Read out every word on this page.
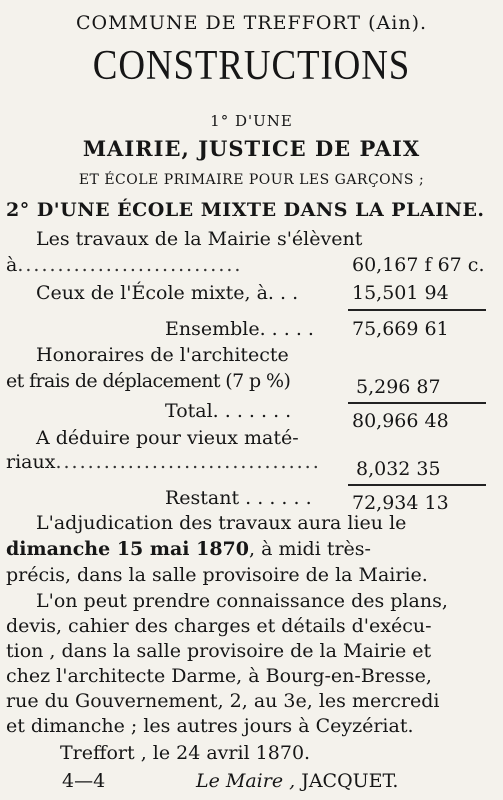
COMMUNE DE TREFFORT (Ain).
CONSTRUCTIONS
1° D'UNE
MAIRIE, JUSTICE DE PAIX
ET ÉCOLE PRIMAIRE POUR LES GARÇONS ;
2° D'UNE ÉCOLE MIXTE DANS LA PLAINE.
Les travaux de la Mairie s'élèvent
à............................	60,167 f 67 c.
Ceux de l'École mixte, à. . .	15,501 94
Ensemble. . . . . 75,669 61
Honoraires de l'architecte
et frais de déplacement (7 p %)	5,296 87
Total. . . . . . .	80,966 48
A déduire pour vieux maté-
riaux................................. 8,032 35
Restant . . . . . . 72,934 13
L'adjudication des travaux aura lieu le
dimanche 15 mai 1870, à midi très-
précis, dans la salle provisoire de la Mairie.
L'on peut prendre connaissance des plans,
devis, cahier des charges et détails d'exécu-
tion , dans la salle provisoire de la Mairie et
chez l'architecte Darme, à Bourg-en-Bresse,
rue du Gouvernement, 2, au 3e, les mercredi
et dimanche ; les autres jours à Ceyzériat.
Treffort , le 24 avril 1870.
4—4	Le Maire , JACQUET.
